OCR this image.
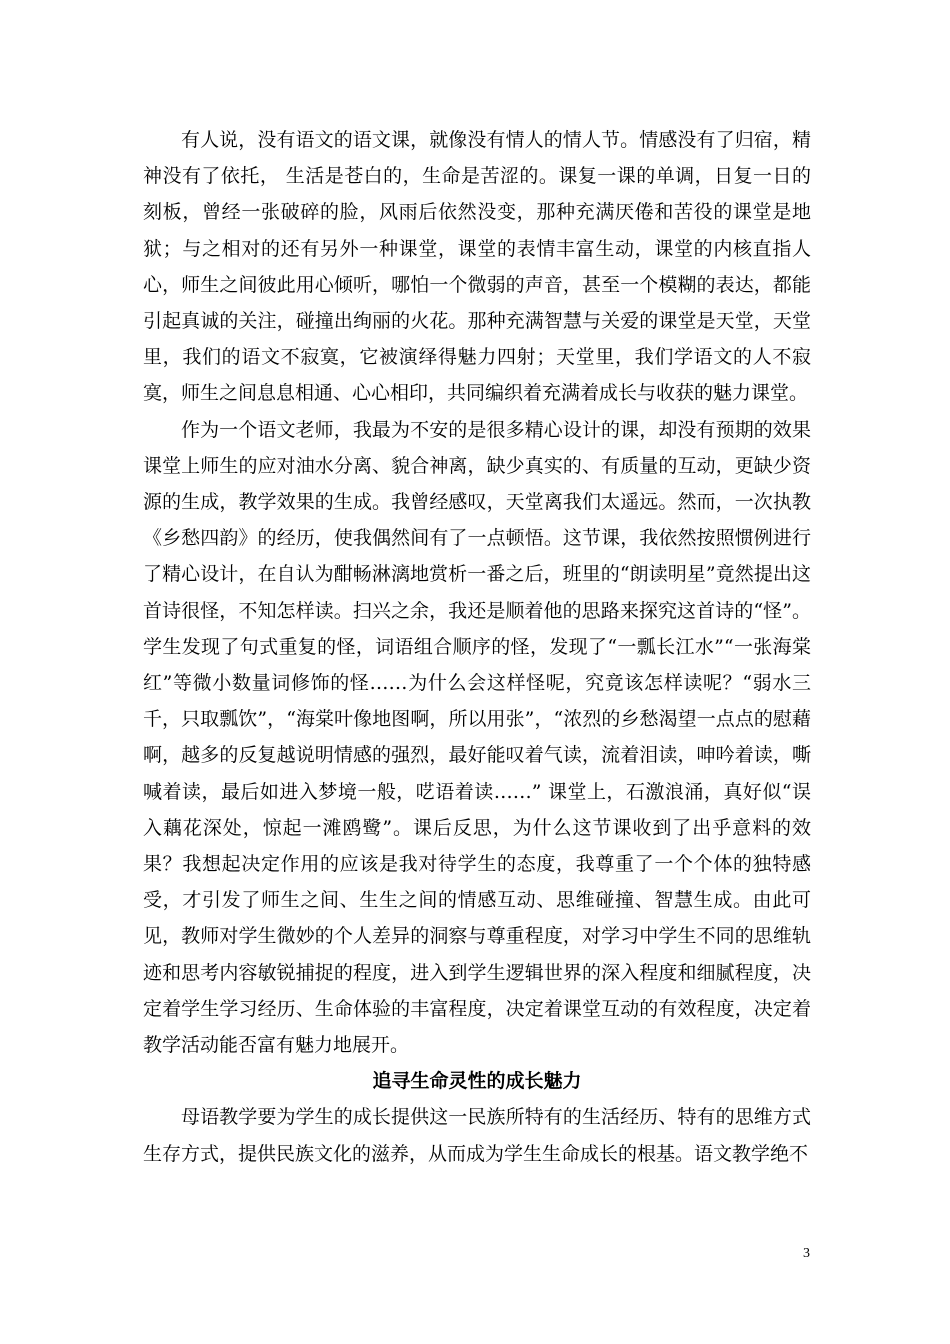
有人说，没有语文的语文课，就像没有情人的情人节。情感没有了归宿，精神没有了依托， 生活是苍白的，生命是苦涩的。课复一课的单调，日复一日的刻板，曾经一张破碎的脸，风雨后依然没变，那种充满厌倦和苦役的课堂是地狱；与之相对的还有另外一种课堂，课堂的表情丰富生动，课堂的内核直指人心，师生之间彼此用心倾听，哪怕一个微弱的声音，甚至一个模糊的表达，都能引起真诚的关注，碰撞出绚丽的火花。那种充满智慧与关爱的课堂是天堂，天堂里，我们的语文不寂寞，它被演绎得魅力四射；天堂里，我们学语文的人不寂寞，师生之间息息相通、心心相印，共同编织着充满着成长与收获的魅力课堂。

作为一个语文老师，我最为不安的是很多精心设计的课，却没有预期的效果课堂上师生的应对油水分离、貌合神离，缺少真实的、有质量的互动，更缺少资源的生成，教学效果的生成。我曾经感叹，天堂离我们太遥远。然而，一次执教《乡愁四韵》的经历，使我偶然间有了一点顿悟。这节课，我依然按照惯例进行了精心设计，在自认为酣畅淋漓地赏析一番之后，班里的“朗读明星”竟然提出这首诗很怪，不知怎样读。扫兴之余，我还是顺着他的思路来探究这首诗的“怪”。学生发现了句式重复的怪，词语组合顺序的怪，发现了“一瓢长江水”“一张海棠红”等微小数量词修饰的怪……为什么会这样怪呢，究竟该怎样读呢？“弱水三千，只取瓢饮”，“海棠叶像地图啊，所以用张”，“浓烈的乡愁渴望一点点的慰藉啊，越多的反复越说明情感的强烈，最好能叹着气读，流着泪读，呻吟着读，嘶喊着读，最后如进入梦境一般，呓语着读……” 课堂上，石激浪涌，真好似“误入藕花深处，惊起一滩鸥鹭”。课后反思，为什么这节课收到了出乎意料的效果？我想起决定作用的应该是我对待学生的态度，我尊重了一个个体的独特感受，才引发了师生之间、生生之间的情感互动、思维碰撞、智慧生成。由此可见，教师对学生微妙的个人差异的洞察与尊重程度，对学习中学生不同的思维轨迹和思考内容敏锐捕捉的程度，进入到学生逻辑世界的深入程度和细腻程度，决定着学生学习经历、生命体验的丰富程度，决定着课堂互动的有效程度，决定着教学活动能否富有魅力地展开。

追寻生命灵性的成长魅力

母语教学要为学生的成长提供这一民族所特有的生活经历、特有的思维方式生存方式，提供民族文化的滋养，从而成为学生生命成长的根基。语文教学绝不

3
